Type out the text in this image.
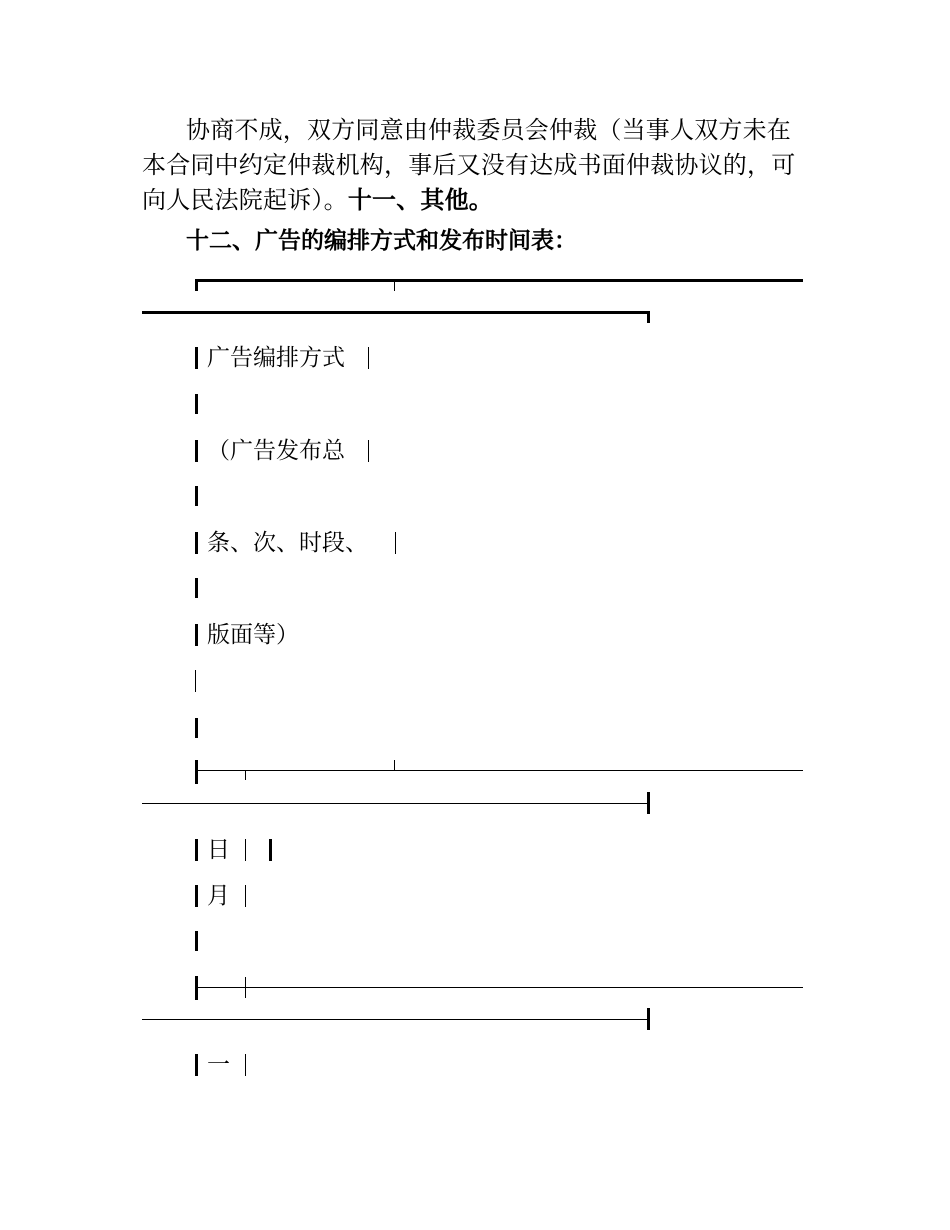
协商不成，双方同意由仲裁委员会仲裁（当事人双方未在本合同中约定仲裁机构，事后又没有达成书面仲裁协议的，可向人民法院起诉）。十一、其他。
十二、广告的编排方式和发布时间表：
广告编排方式
（广告发布总
条、次、时段、
版面等）
日
月
一
